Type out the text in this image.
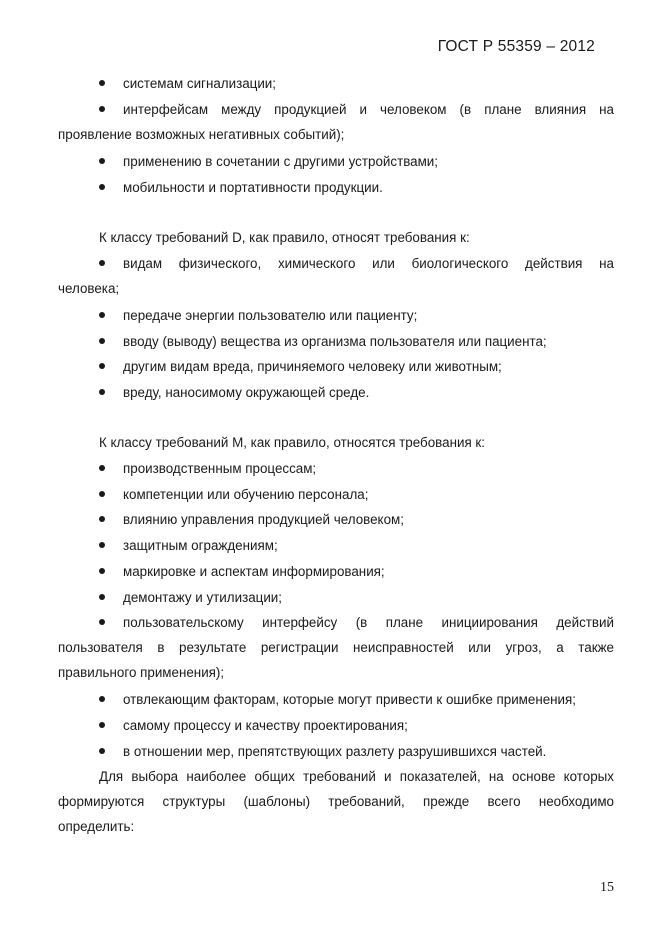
ГОСТ Р 55359 – 2012
системам сигнализации;
интерфейсам между продукцией и человеком (в плане влияния на
проявление возможных негативных событий);
применению в сочетании с другими устройствами;
мобильности и портативности продукции.
К классу требований D, как правило, относят требования к:
видам физического, химического или биологического действия на
человека;
передаче энергии пользователю или пациенту;
вводу (выводу) вещества из организма пользователя или пациента;
другим видам вреда, причиняемого человеку или животным;
вреду, наносимому окружающей среде.
К классу требований М, как правило, относятся требования к:
производственным процессам;
компетенции или обучению персонала;
влиянию управления продукцией человеком;
защитным ограждениям;
маркировке и аспектам информирования;
демонтажу и утилизации;
пользовательскому интерфейсу (в плане инициирования действий
пользователя в результате регистрации неисправностей или угроз, а также
правильного применения);
отвлекающим факторам, которые могут привести к ошибке применения;
самому процессу и качеству проектирования;
в отношении мер, препятствующих разлету разрушившихся частей.
Для выбора наиболее общих требований и показателей, на основе которых
формируются структуры (шаблоны) требований, прежде всего необходимо
определить:
15
